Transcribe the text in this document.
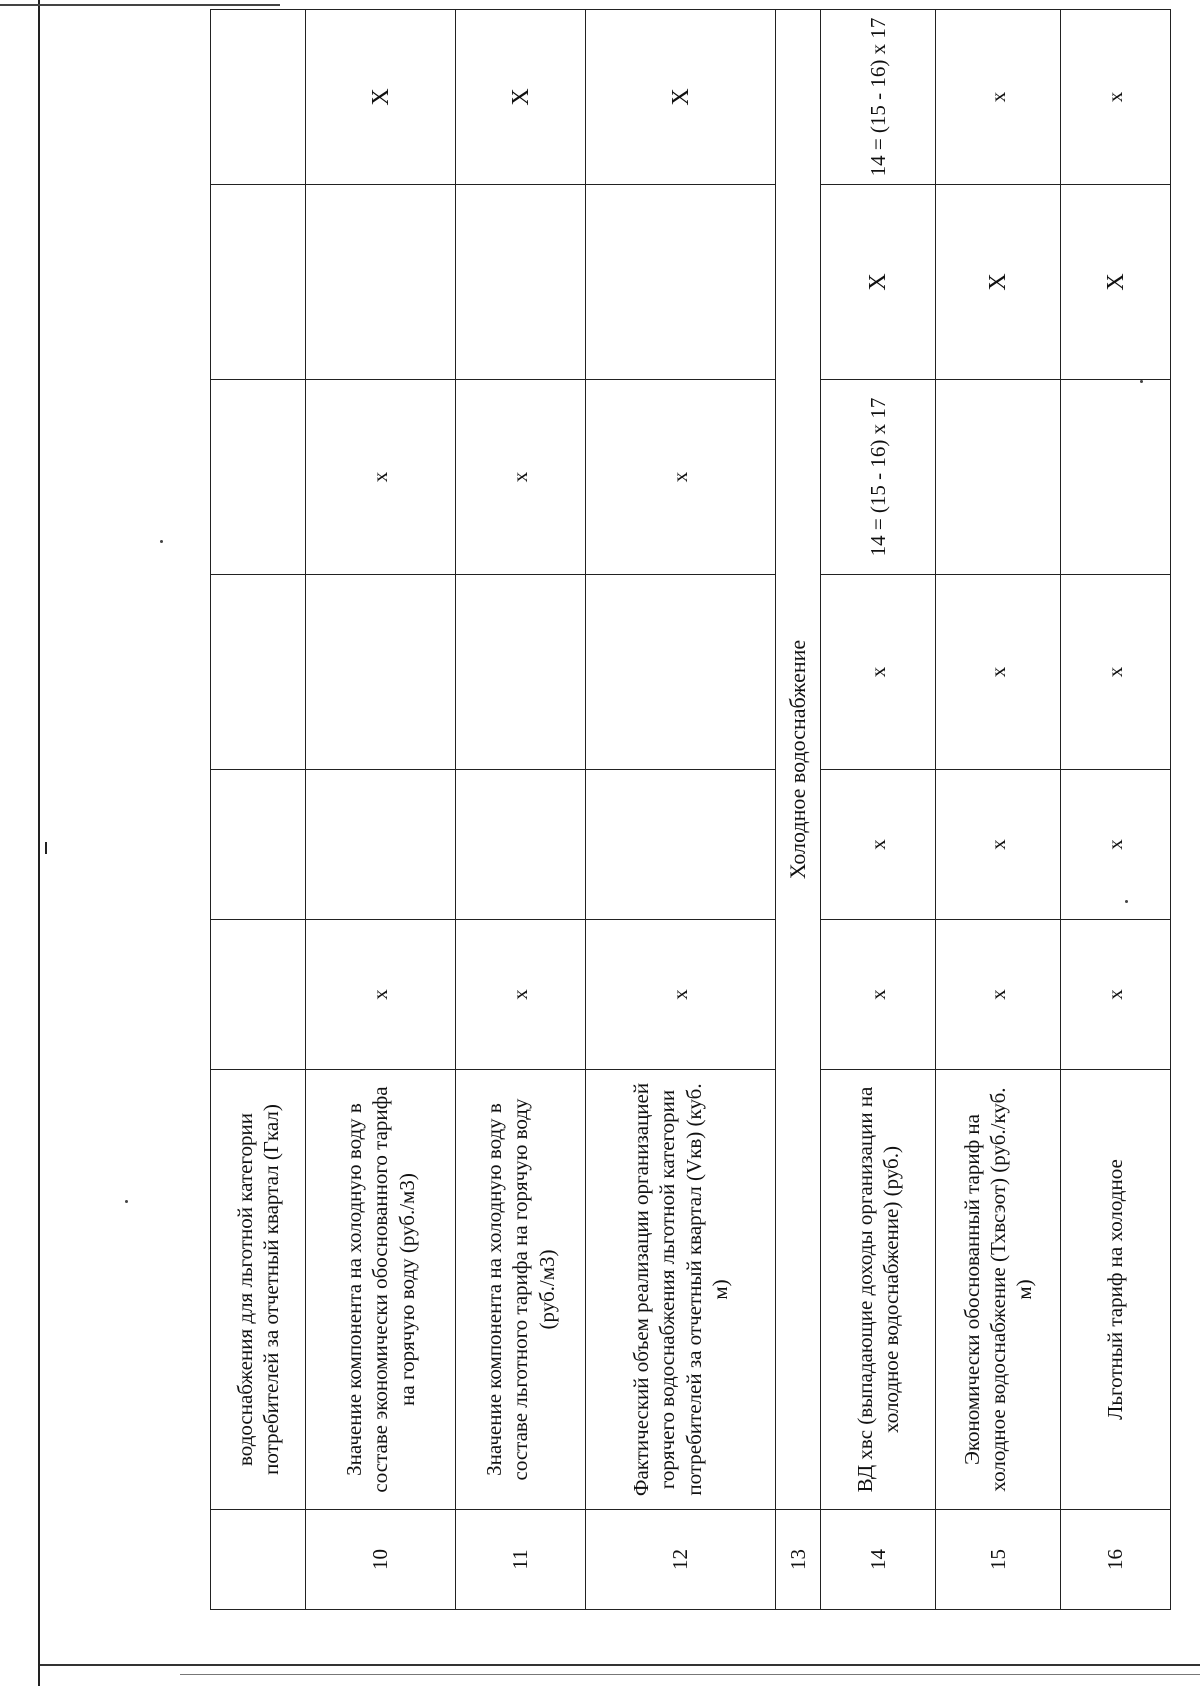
	водоснабжения для льготной категории потребителей за отчетный квартал (Гкал)						
10	Значение компонента на холодную воду в составе экономически обоснованного тарифа на горячую воду (руб./м3)	х			х		Х
11	Значение компонента на холодную воду в составе льготного тарифа на горячую воду (руб./м3)	х			х		Х
12	Фактический объем реализации организацией горячего водоснабжения льготной категории потребителей за отчетный квартал (Vкв) (куб. м)	х			х		Х
13	Холодное водоснабжение						
14	ВД хвс (выпадающие доходы организации на холодное водоснабжение) (руб.)	х	х	х	14 = (15 - 16) х 17	Х	14 = (15 - 16) х 17
15	Экономически обоснованный тариф на холодное водоснабжение (Тхвсэот) (руб./куб. м)	х	х	х		Х	х
16	Льготный тариф на холодное	х	х	х		Х	х
